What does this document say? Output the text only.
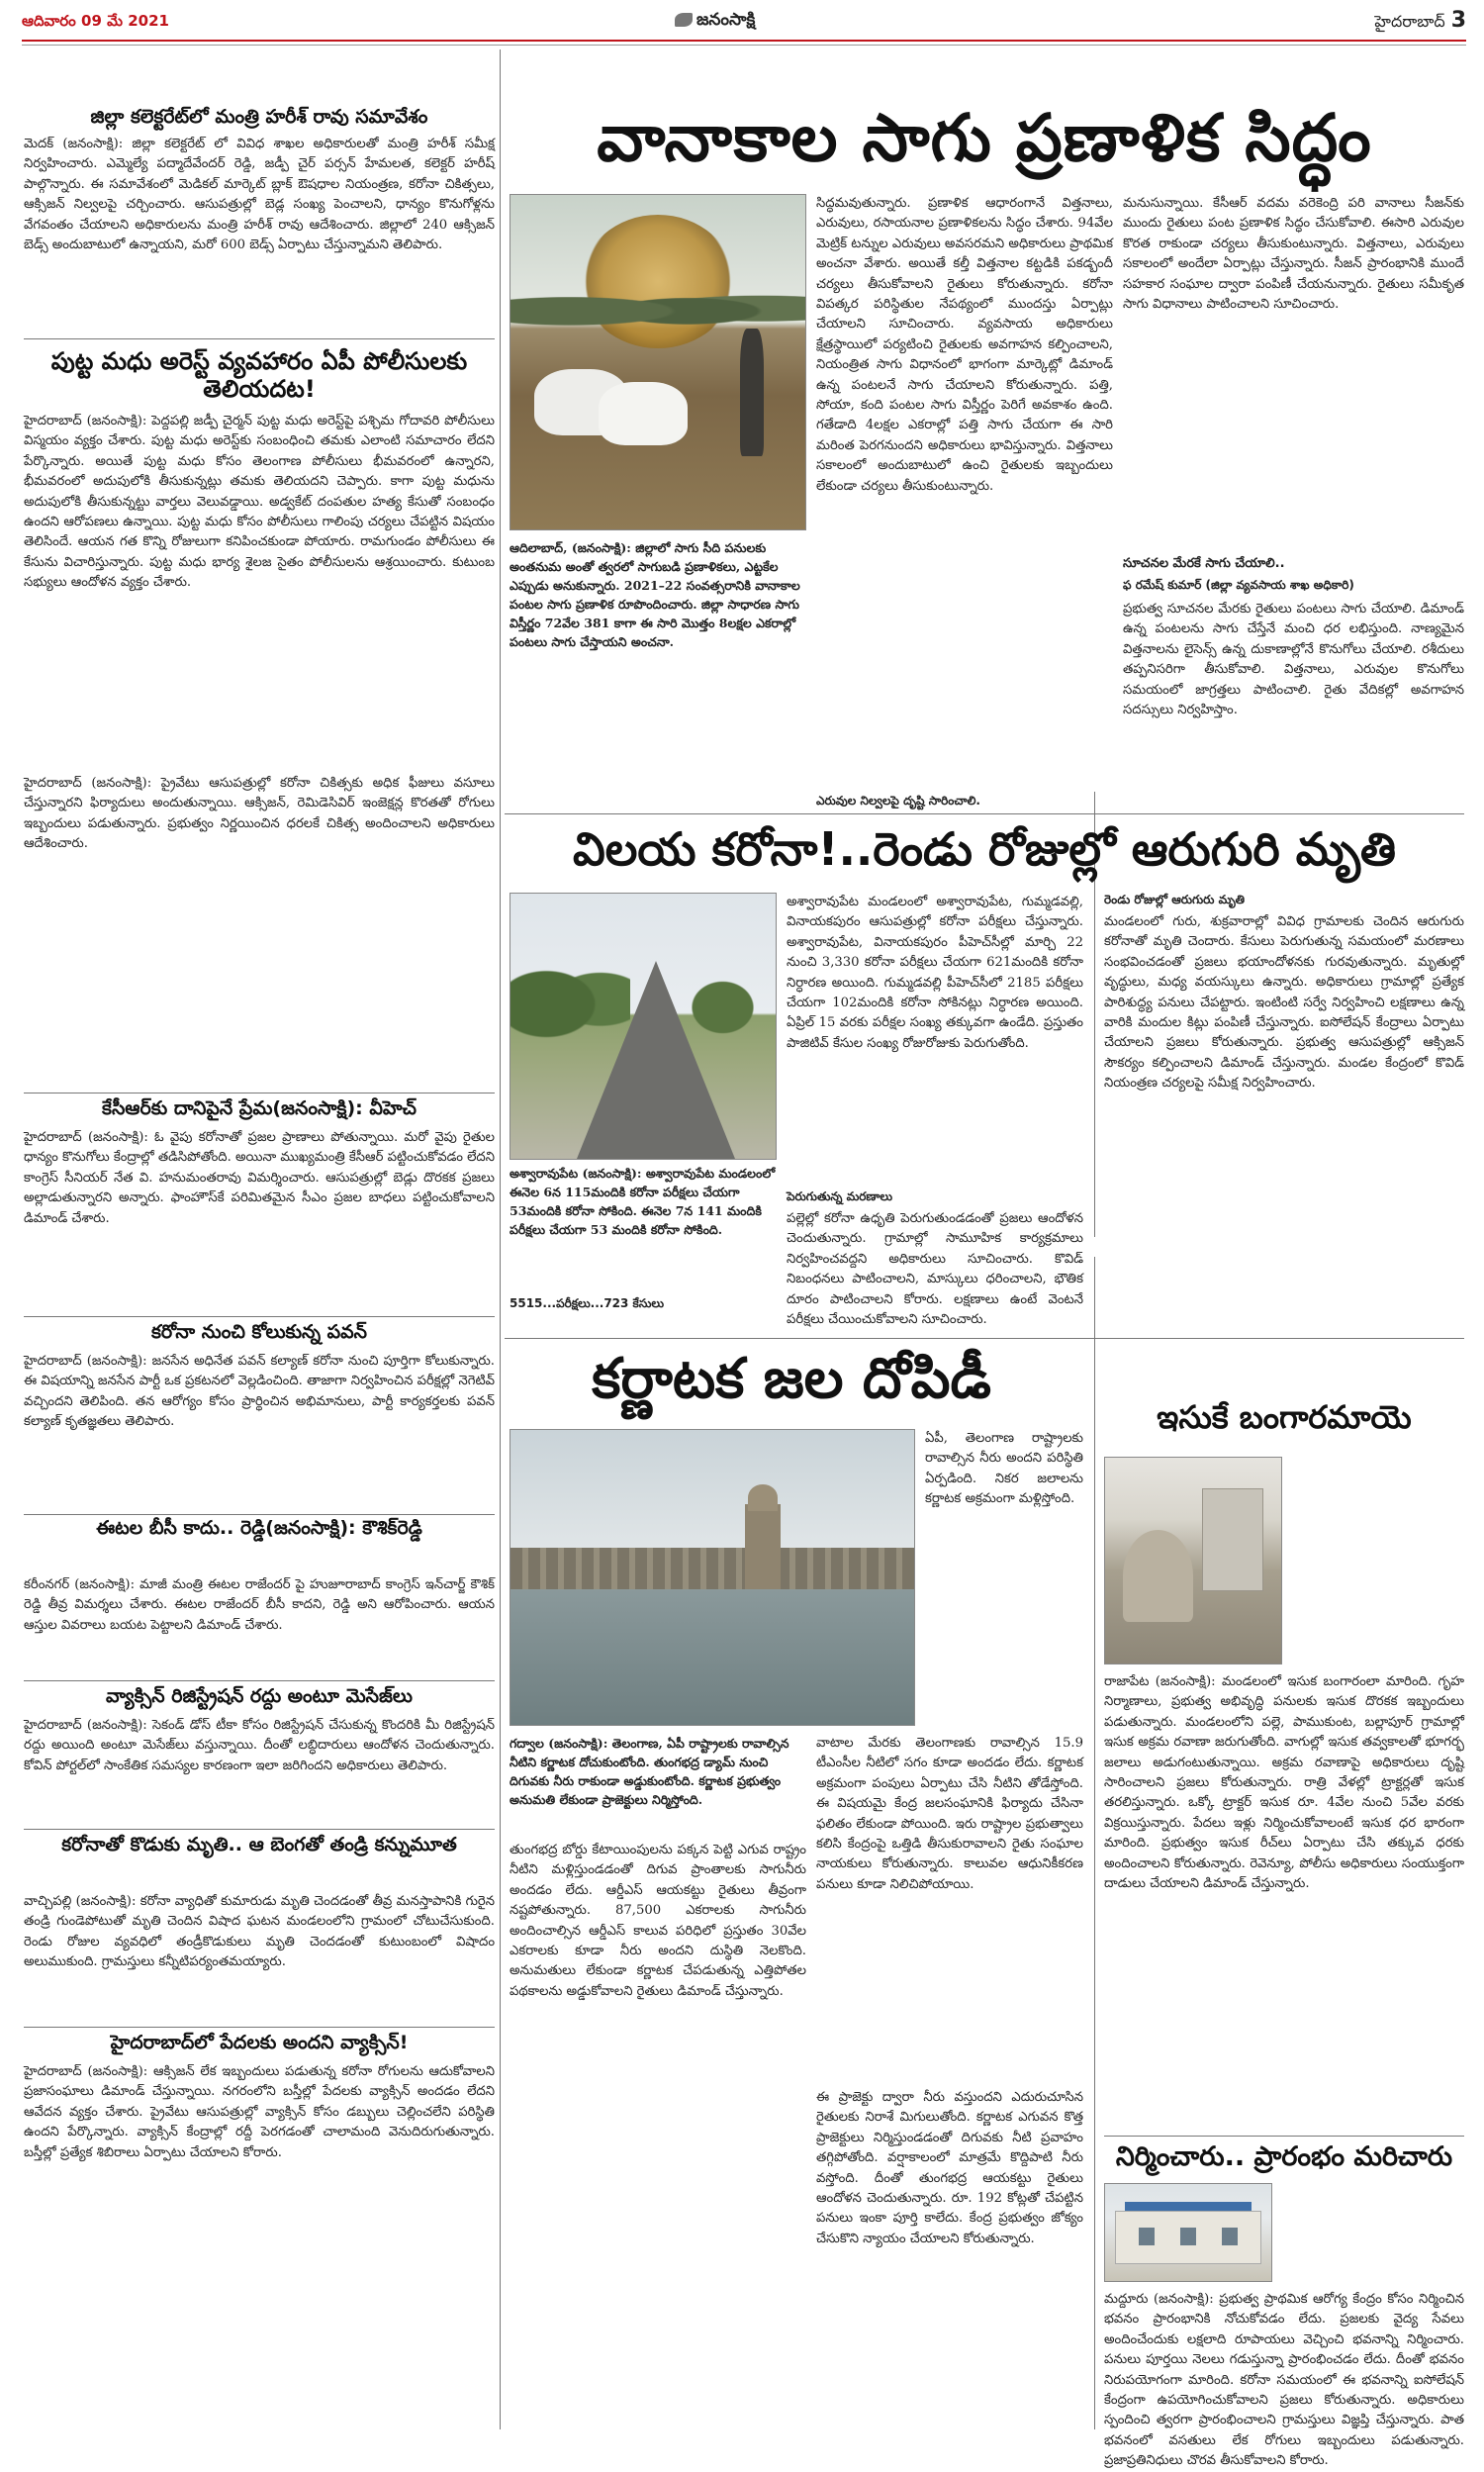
ఆదివారం 09 మే 2021	జనంసాక్షి	హైదరాబాద్ 3
జిల్లా కలెక్టరేట్‌లో మంత్రి హరీశ్ రావు సమావేశం
మెదక్ (జనంసాక్షి): జిల్లా కలెక్టరేట్ లో వివిధ శాఖల అధికారులతో మంత్రి హరీశ్ సమీక్ష నిర్వహించారు. ఎమ్మెల్యే పద్మాదేవేందర్ రెడ్డి, జడ్పీ చైర్ పర్సన్ హేమలత, కలెక్టర్ హరీష్ పాల్గొన్నారు. ఈ సమావేశంలో మెడికల్ మార్కెట్ బ్లాక్ ఔషధాల నియంత్రణ, కరోనా చికిత్సలు, ఆక్సిజన్ నిల్వలపై చర్చించారు. ఆసుపత్రుల్లో బెడ్ల సంఖ్య పెంచాలని, ధాన్యం కొనుగోళ్లను వేగవంతం చేయాలని అధికారులను మంత్రి హరీశ్ రావు ఆదేశించారు. జిల్లాలో 240 ఆక్సిజన్ బెడ్స్ అందుబాటులో ఉన్నాయని, మరో 600 బెడ్స్ ఏర్పాటు చేస్తున్నామని తెలిపారు.
పుట్ట మధు అరెస్ట్ వ్యవహారం ఏపీ పోలీసులకు తెలియదట!
హైదరాబాద్ (జనంసాక్షి): పెద్దపల్లి జడ్పీ చైర్మన్ పుట్ట మధు అరెస్ట్‌పై పశ్చిమ గోదావరి పోలీసులు విస్మయం వ్యక్తం చేశారు. పుట్ట మధు అరెస్ట్‌కు సంబంధించి తమకు ఎలాంటి సమాచారం లేదని పేర్కొన్నారు. అయితే పుట్ట మధు కోసం తెలంగాణ పోలీసులు భీమవరంలో ఉన్నారని, భీమవరంలో అదుపులోకి తీసుకున్నట్లు తమకు తెలియదని చెప్పారు. కాగా పుట్ట మధును అదుపులోకి తీసుకున్నట్టు వార్తలు వెలువడ్డాయి. అడ్వకేట్ దంపతుల హత్య కేసుతో సంబంధం ఉందని ఆరోపణలు ఉన్నాయి. పుట్ట మధు కోసం పోలీసులు గాలింపు చర్యలు చేపట్టిన విషయం తెలిసిందే. ఆయన గత కొన్ని రోజులుగా కనిపించకుండా పోయారు. రామగుండం పోలీసులు ఈ కేసును విచారిస్తున్నారు. పుట్ట మధు భార్య శైలజ సైతం పోలీసులను ఆశ్రయించారు. కుటుంబ సభ్యులు ఆందోళన వ్యక్తం చేశారు.
హైదరాబాద్ (జనంసాక్షి): ప్రైవేటు ఆసుపత్రుల్లో కరోనా చికిత్సకు అధిక ఫీజులు వసూలు చేస్తున్నారని ఫిర్యాదులు అందుతున్నాయి. ఆక్సిజన్, రెమిడెసివిర్ ఇంజెక్షన్ల కొరతతో రోగులు ఇబ్బందులు పడుతున్నారు. ప్రభుత్వం నిర్ణయించిన ధరలకే చికిత్స అందించాలని అధికారులు ఆదేశించారు.
కేసీఆర్‌కు దానిపైనే ప్రేమ(జనంసాక్షి): వీహెచ్
హైదరాబాద్ (జనంసాక్షి): ఓ వైపు కరోనాతో ప్రజల ప్రాణాలు పోతున్నాయి. మరో వైపు రైతుల ధాన్యం కొనుగోలు కేంద్రాల్లో తడిసిపోతోంది. అయినా ముఖ్యమంత్రి కేసీఆర్ పట్టించుకోవడం లేదని కాంగ్రెస్ సీనియర్ నేత వి. హనుమంతరావు విమర్శించారు. ఆసుపత్రుల్లో బెడ్లు దొరకక ప్రజలు అల్లాడుతున్నారని అన్నారు. ఫాంహౌస్‌కే పరిమితమైన సీఎం ప్రజల బాధలు పట్టించుకోవాలని డిమాండ్ చేశారు.
కరోనా నుంచి కోలుకున్న పవన్
హైదరాబాద్ (జనంసాక్షి): జనసేన అధినేత పవన్ కల్యాణ్ కరోనా నుంచి పూర్తిగా కోలుకున్నారు. ఈ విషయాన్ని జనసేన పార్టీ ఒక ప్రకటనలో వెల్లడించింది. తాజాగా నిర్వహించిన పరీక్షల్లో నెగెటివ్ వచ్చిందని తెలిపింది. తన ఆరోగ్యం కోసం ప్రార్థించిన అభిమానులు, పార్టీ కార్యకర్తలకు పవన్ కల్యాణ్ కృతజ్ఞతలు తెలిపారు.
ఈటల బీసీ కాదు.. రెడ్డి(జనంసాక్షి): కౌశిక్‌రెడ్డి
కరీంనగర్ (జనంసాక్షి): మాజీ మంత్రి ఈటల రాజేందర్ పై హుజూరాబాద్ కాంగ్రెస్ ఇన్‌చార్జ్ కౌశిక్ రెడ్డి తీవ్ర విమర్శలు చేశారు. ఈటల రాజేందర్ బీసీ కాదని, రెడ్డి అని ఆరోపించారు. ఆయన ఆస్తుల వివరాలు బయట పెట్టాలని డిమాండ్ చేశారు.
వ్యాక్సిన్ రిజిస్ట్రేషన్ రద్దు అంటూ మెసేజ్‌లు
హైదరాబాద్ (జనంసాక్షి): సెకండ్ డోస్ టీకా కోసం రిజిస్ట్రేషన్ చేసుకున్న కొందరికి మీ రిజిస్ట్రేషన్ రద్దు అయింది అంటూ మెసేజ్‌లు వస్తున్నాయి. దీంతో లబ్ధిదారులు ఆందోళన చెందుతున్నారు. కోవిన్ పోర్టల్‌లో సాంకేతిక సమస్యల కారణంగా ఇలా జరిగిందని అధికారులు తెలిపారు.
కరోనాతో కొడుకు మృతి.. ఆ బెంగతో తండ్రి కన్నుమూత
వాచ్చిపల్లి (జనంసాక్షి): కరోనా వ్యాధితో కుమారుడు మృతి చెందడంతో తీవ్ర మనస్తాపానికి గురైన తండ్రి గుండెపోటుతో మృతి చెందిన విషాద ఘటన మండలంలోని గ్రామంలో చోటుచేసుకుంది. రెండు రోజుల వ్యవధిలో తండ్రీకొడుకులు మృతి చెందడంతో కుటుంబంలో విషాదం అలుముకుంది. గ్రామస్తులు కన్నీటిపర్యంతమయ్యారు.
హైదరాబాద్‌లో పేదలకు అందని వ్యాక్సిన్!
హైదరాబాద్ (జనంసాక్షి): ఆక్సిజన్ లేక ఇబ్బందులు పడుతున్న కరోనా రోగులను ఆదుకోవాలని ప్రజాసంఘాలు డిమాండ్ చేస్తున్నాయి. నగరంలోని బస్తీల్లో పేదలకు వ్యాక్సిన్ అందడం లేదని ఆవేదన వ్యక్తం చేశారు. ప్రైవేటు ఆసుపత్రుల్లో వ్యాక్సిన్ కోసం డబ్బులు చెల్లించలేని పరిస్థితి ఉందని పేర్కొన్నారు. వ్యాక్సిన్ కేంద్రాల్లో రద్దీ పెరగడంతో చాలామంది వెనుదిరుగుతున్నారు. బస్తీల్లో ప్రత్యేక శిబిరాలు ఏర్పాటు చేయాలని కోరారు.
వానాకాల సాగు ప్రణాళిక సిద్ధం
ఆదిలాబాద్, (జనంసాక్షి): జిల్లాలో సాగు సీది పనులకు అంతనుమ అంతో త్వరలో సాగుబడి ప్రణాళికలు, ఎట్టకేల ఎప్పుడు అనుకున్నారు. 2021–22 సంవత్సరానికి వానాకాల పంటల సాగు ప్రణాళిక రూపొందించారు. జిల్లా సాధారణ సాగు విస్తీర్ణం 72వేల 381 కాగా ఈ సారి మొత్తం 8లక్షల ఎకరాల్లో పంటలు సాగు చేస్తాయని అంచనా.
సిద్ధమవుతున్నారు. ప్రణాళిక ఆధారంగానే విత్తనాలు, ఎరువులు, రసాయనాల ప్రణాళికలను సిద్ధం చేశారు. 94వేల మెట్రిక్ టన్నుల ఎరువులు అవసరమని అధికారులు ప్రాథమిక అంచనా వేశారు. అయితే కల్తీ విత్తనాల కట్టడికి పకడ్బందీ చర్యలు తీసుకోవాలని రైతులు కోరుతున్నారు. కరోనా విపత్కర పరిస్థితుల నేపథ్యంలో ముందస్తు ఏర్పాట్లు చేయాలని సూచించారు. వ్యవసాయ అధికారులు క్షేత్రస్థాయిలో పర్యటించి రైతులకు అవగాహన కల్పించాలని, నియంత్రిత సాగు విధానంలో భాగంగా మార్కెట్లో డిమాండ్ ఉన్న పంటలనే సాగు చేయాలని కోరుతున్నారు. పత్తి, సోయా, కంది పంటల సాగు విస్తీర్ణం పెరిగే అవకాశం ఉంది. గతేడాది 4లక్షల ఎకరాల్లో పత్తి సాగు చేయగా ఈ సారి మరింత పెరగనుందని అధికారులు భావిస్తున్నారు. విత్తనాలు సకాలంలో అందుబాటులో ఉంచి రైతులకు ఇబ్బందులు లేకుండా చర్యలు తీసుకుంటున్నారు.
మనుసున్నాయి. కేసీఆర్ వదమ వరెకెంద్రి పరి వానాలు సీజన్‌కు ముందు రైతులు పంట ప్రణాళిక సిద్ధం చేసుకోవాలి. ఈసారి ఎరువుల కొరత రాకుండా చర్యలు తీసుకుంటున్నారు. విత్తనాలు, ఎరువులు సకాలంలో అందేలా ఏర్పాట్లు చేస్తున్నారు. సీజన్ ప్రారంభానికి ముందే సహకార సంఘాల ద్వారా పంపిణీ చేయనున్నారు. రైతులు సమీకృత సాగు విధానాలు పాటించాలని సూచించారు.
సూచనల మేరకే సాగు చేయాలి..
ఫ రమేష్ కుమార్ (జిల్లా వ్యవసాయ శాఖ అధికారి)
ప్రభుత్వ సూచనల మేరకు రైతులు పంటలు సాగు చేయాలి. డిమాండ్ ఉన్న పంటలను సాగు చేస్తేనే మంచి ధర లభిస్తుంది. నాణ్యమైన విత్తనాలను లైసెన్స్ ఉన్న దుకాణాల్లోనే కొనుగోలు చేయాలి. రశీదులు తప్పనిసరిగా తీసుకోవాలి. విత్తనాలు, ఎరువుల కొనుగోలు సమయంలో జాగ్రత్తలు పాటించాలి. రైతు వేదికల్లో అవగాహన సదస్సులు నిర్వహిస్తాం.
ఎరువుల నిల్వలపై దృష్టి సారించాలి.
విలయ కరోనా!..రెండు రోజుల్లో ఆరుగురి మృతి
అశ్వారావుపేట (జనంసాక్షి): అశ్వారావుపేట మండలంలో ఈనెల 6న 115మందికి కరోనా పరీక్షలు చేయగా 53మందికి కరోనా సోకింది. ఈనెల 7న 141 మందికి పరీక్షలు చేయగా 53 మందికి కరోనా సోకింది.
5515...పరీక్షలు...723 కేసులు
అశ్వారావుపేట మండలంలో అశ్వారావుపేట, గుమ్మడవల్లి, వినాయకపురం ఆసుపత్రుల్లో కరోనా పరీక్షలు చేస్తున్నారు. అశ్వారావుపేట, వినాయకపురం పీహెచ్‌సీల్లో మార్చి 22 నుంచి 3,330 కరోనా పరీక్షలు చేయగా 621మందికి కరోనా నిర్ధారణ అయింది. గుమ్మడవల్లి పీహెచ్‌సీలో 2185 పరీక్షలు చేయగా 102మందికి కరోనా సోకినట్లు నిర్ధారణ అయింది. ఏప్రిల్ 15 వరకు పరీక్షల సంఖ్య తక్కువగా ఉండేది. ప్రస్తుతం పాజిటివ్ కేసుల సంఖ్య రోజురోజుకు పెరుగుతోంది.
పెరుగుతున్న మరణాలు
పల్లెల్లో కరోనా ఉధృతి పెరుగుతుండడంతో ప్రజలు ఆందోళన చెందుతున్నారు. గ్రామాల్లో సామూహిక కార్యక్రమాలు నిర్వహించవద్దని అధికారులు సూచించారు. కొవిడ్ నిబంధనలు పాటించాలని, మాస్కులు ధరించాలని, భౌతిక దూరం పాటించాలని కోరారు. లక్షణాలు ఉంటే వెంటనే పరీక్షలు చేయించుకోవాలని సూచించారు.
రెండు రోజుల్లో ఆరుగురు మృతి
మండలంలో గురు, శుక్రవారాల్లో వివిధ గ్రామాలకు చెందిన ఆరుగురు కరోనాతో మృతి చెందారు. కేసులు పెరుగుతున్న సమయంలో మరణాలు సంభవించడంతో ప్రజలు భయాందోళనకు గురవుతున్నారు. మృతుల్లో వృద్ధులు, మధ్య వయస్కులు ఉన్నారు. అధికారులు గ్రామాల్లో ప్రత్యేక పారిశుద్ధ్య పనులు చేపట్టారు. ఇంటింటి సర్వే నిర్వహించి లక్షణాలు ఉన్న వారికి మందుల కిట్లు పంపిణీ చేస్తున్నారు. ఐసోలేషన్ కేంద్రాలు ఏర్పాటు చేయాలని ప్రజలు కోరుతున్నారు. ప్రభుత్వ ఆసుపత్రుల్లో ఆక్సిజన్ సౌకర్యం కల్పించాలని డిమాండ్ చేస్తున్నారు. మండల కేంద్రంలో కొవిడ్ నియంత్రణ చర్యలపై సమీక్ష నిర్వహించారు.
కర్ణాటక జల దోపిడీ
ఏపీ, తెలంగాణ రాష్ట్రాలకు రావాల్సిన నీరు అందని పరిస్థితి ఏర్పడింది. నికర జలాలను కర్ణాటక అక్రమంగా మళ్లిస్తోంది.
గద్వాల (జనంసాక్షి): తెలంగాణ, ఏపీ రాష్ట్రాలకు రావాల్సిన నీటిని కర్ణాటక దోచుకుంటోంది. తుంగభద్ర డ్యామ్ నుంచి దిగువకు నీరు రాకుండా అడ్డుకుంటోంది. కర్ణాటక ప్రభుత్వం అనుమతి లేకుండా ప్రాజెక్టులు నిర్మిస్తోంది.
తుంగభద్ర బోర్డు కేటాయింపులను పక్కన పెట్టి ఎగువ రాష్ట్రం నీటిని మళ్లిస్తుండడంతో దిగువ ప్రాంతాలకు సాగునీరు అందడం లేదు. ఆర్డీఎస్ ఆయకట్టు రైతులు తీవ్రంగా నష్టపోతున్నారు. 87,500 ఎకరాలకు సాగునీరు అందించాల్సిన ఆర్డీఎస్ కాలువ పరిధిలో ప్రస్తుతం 30వేల ఎకరాలకు కూడా నీరు అందని దుస్థితి నెలకొంది. అనుమతులు లేకుండా కర్ణాటక చేపడుతున్న ఎత్తిపోతల పథకాలను అడ్డుకోవాలని రైతులు డిమాండ్ చేస్తున్నారు.
వాటాల మేరకు తెలంగాణకు రావాల్సిన 15.9 టీఎంసీల నీటిలో సగం కూడా అందడం లేదు. కర్ణాటక అక్రమంగా పంపులు ఏర్పాటు చేసి నీటిని తోడేస్తోంది. ఈ విషయమై కేంద్ర జలసంఘానికి ఫిర్యాదు చేసినా ఫలితం లేకుండా పోయింది. ఇరు రాష్ట్రాల ప్రభుత్వాలు కలిసి కేంద్రంపై ఒత్తిడి తీసుకురావాలని రైతు సంఘాల నాయకులు కోరుతున్నారు. కాలువల ఆధునికీకరణ పనులు కూడా నిలిచిపోయాయి.
ఈ ప్రాజెక్టు ద్వారా నీరు వస్తుందని ఎదురుచూసిన రైతులకు నిరాశే మిగులుతోంది. కర్ణాటక ఎగువన కొత్త ప్రాజెక్టులు నిర్మిస్తుండడంతో దిగువకు నీటి ప్రవాహం తగ్గిపోతోంది. వర్షాకాలంలో మాత్రమే కొద్దిపాటి నీరు వస్తోంది. దీంతో తుంగభద్ర ఆయకట్టు రైతులు ఆందోళన చెందుతున్నారు. రూ. 192 కోట్లతో చేపట్టిన పనులు ఇంకా పూర్తి కాలేదు. కేంద్ర ప్రభుత్వం జోక్యం చేసుకొని న్యాయం చేయాలని కోరుతున్నారు.
ఇసుకే బంగారమాయె
రాజాపేట (జనంసాక్షి): మండలంలో ఇసుక బంగారంలా మారింది. గృహ నిర్మాణాలు, ప్రభుత్వ అభివృద్ధి పనులకు ఇసుక దొరకక ఇబ్బందులు పడుతున్నారు. మండలంలోని పల్లె, పాముకుంట, బల్లాపూర్ గ్రామాల్లో ఇసుక అక్రమ రవాణా జరుగుతోంది. వాగుల్లో ఇసుక తవ్వకాలతో భూగర్భ జలాలు అడుగంటుతున్నాయి. అక్రమ రవాణాపై అధికారులు దృష్టి సారించాలని ప్రజలు కోరుతున్నారు. రాత్రి వేళల్లో ట్రాక్టర్లతో ఇసుక తరలిస్తున్నారు. ఒక్కో ట్రాక్టర్ ఇసుక రూ. 4వేల నుంచి 5వేల వరకు విక్రయిస్తున్నారు. పేదలు ఇళ్లు నిర్మించుకోవాలంటే ఇసుక ధర భారంగా మారింది. ప్రభుత్వం ఇసుక రీచ్‌లు ఏర్పాటు చేసి తక్కువ ధరకు అందించాలని కోరుతున్నారు. రెవెన్యూ, పోలీసు అధికారులు సంయుక్తంగా దాడులు చేయాలని డిమాండ్ చేస్తున్నారు.
నిర్మించారు.. ప్రారంభం మరిచారు
మద్దూరు (జనంసాక్షి): ప్రభుత్వ ప్రాథమిక ఆరోగ్య కేంద్రం కోసం నిర్మించిన భవనం ప్రారంభానికి నోచుకోవడం లేదు. ప్రజలకు వైద్య సేవలు అందించేందుకు లక్షలాది రూపాయలు వెచ్చించి భవనాన్ని నిర్మించారు. పనులు పూర్తయి నెలలు గడుస్తున్నా ప్రారంభించడం లేదు. దీంతో భవనం నిరుపయోగంగా మారింది. కరోనా సమయంలో ఈ భవనాన్ని ఐసోలేషన్ కేంద్రంగా ఉపయోగించుకోవాలని ప్రజలు కోరుతున్నారు. అధికారులు స్పందించి త్వరగా ప్రారంభించాలని గ్రామస్తులు విజ్ఞప్తి చేస్తున్నారు. పాత భవనంలో వసతులు లేక రోగులు ఇబ్బందులు పడుతున్నారు. ప్రజాప్రతినిధులు చొరవ తీసుకోవాలని కోరారు.
